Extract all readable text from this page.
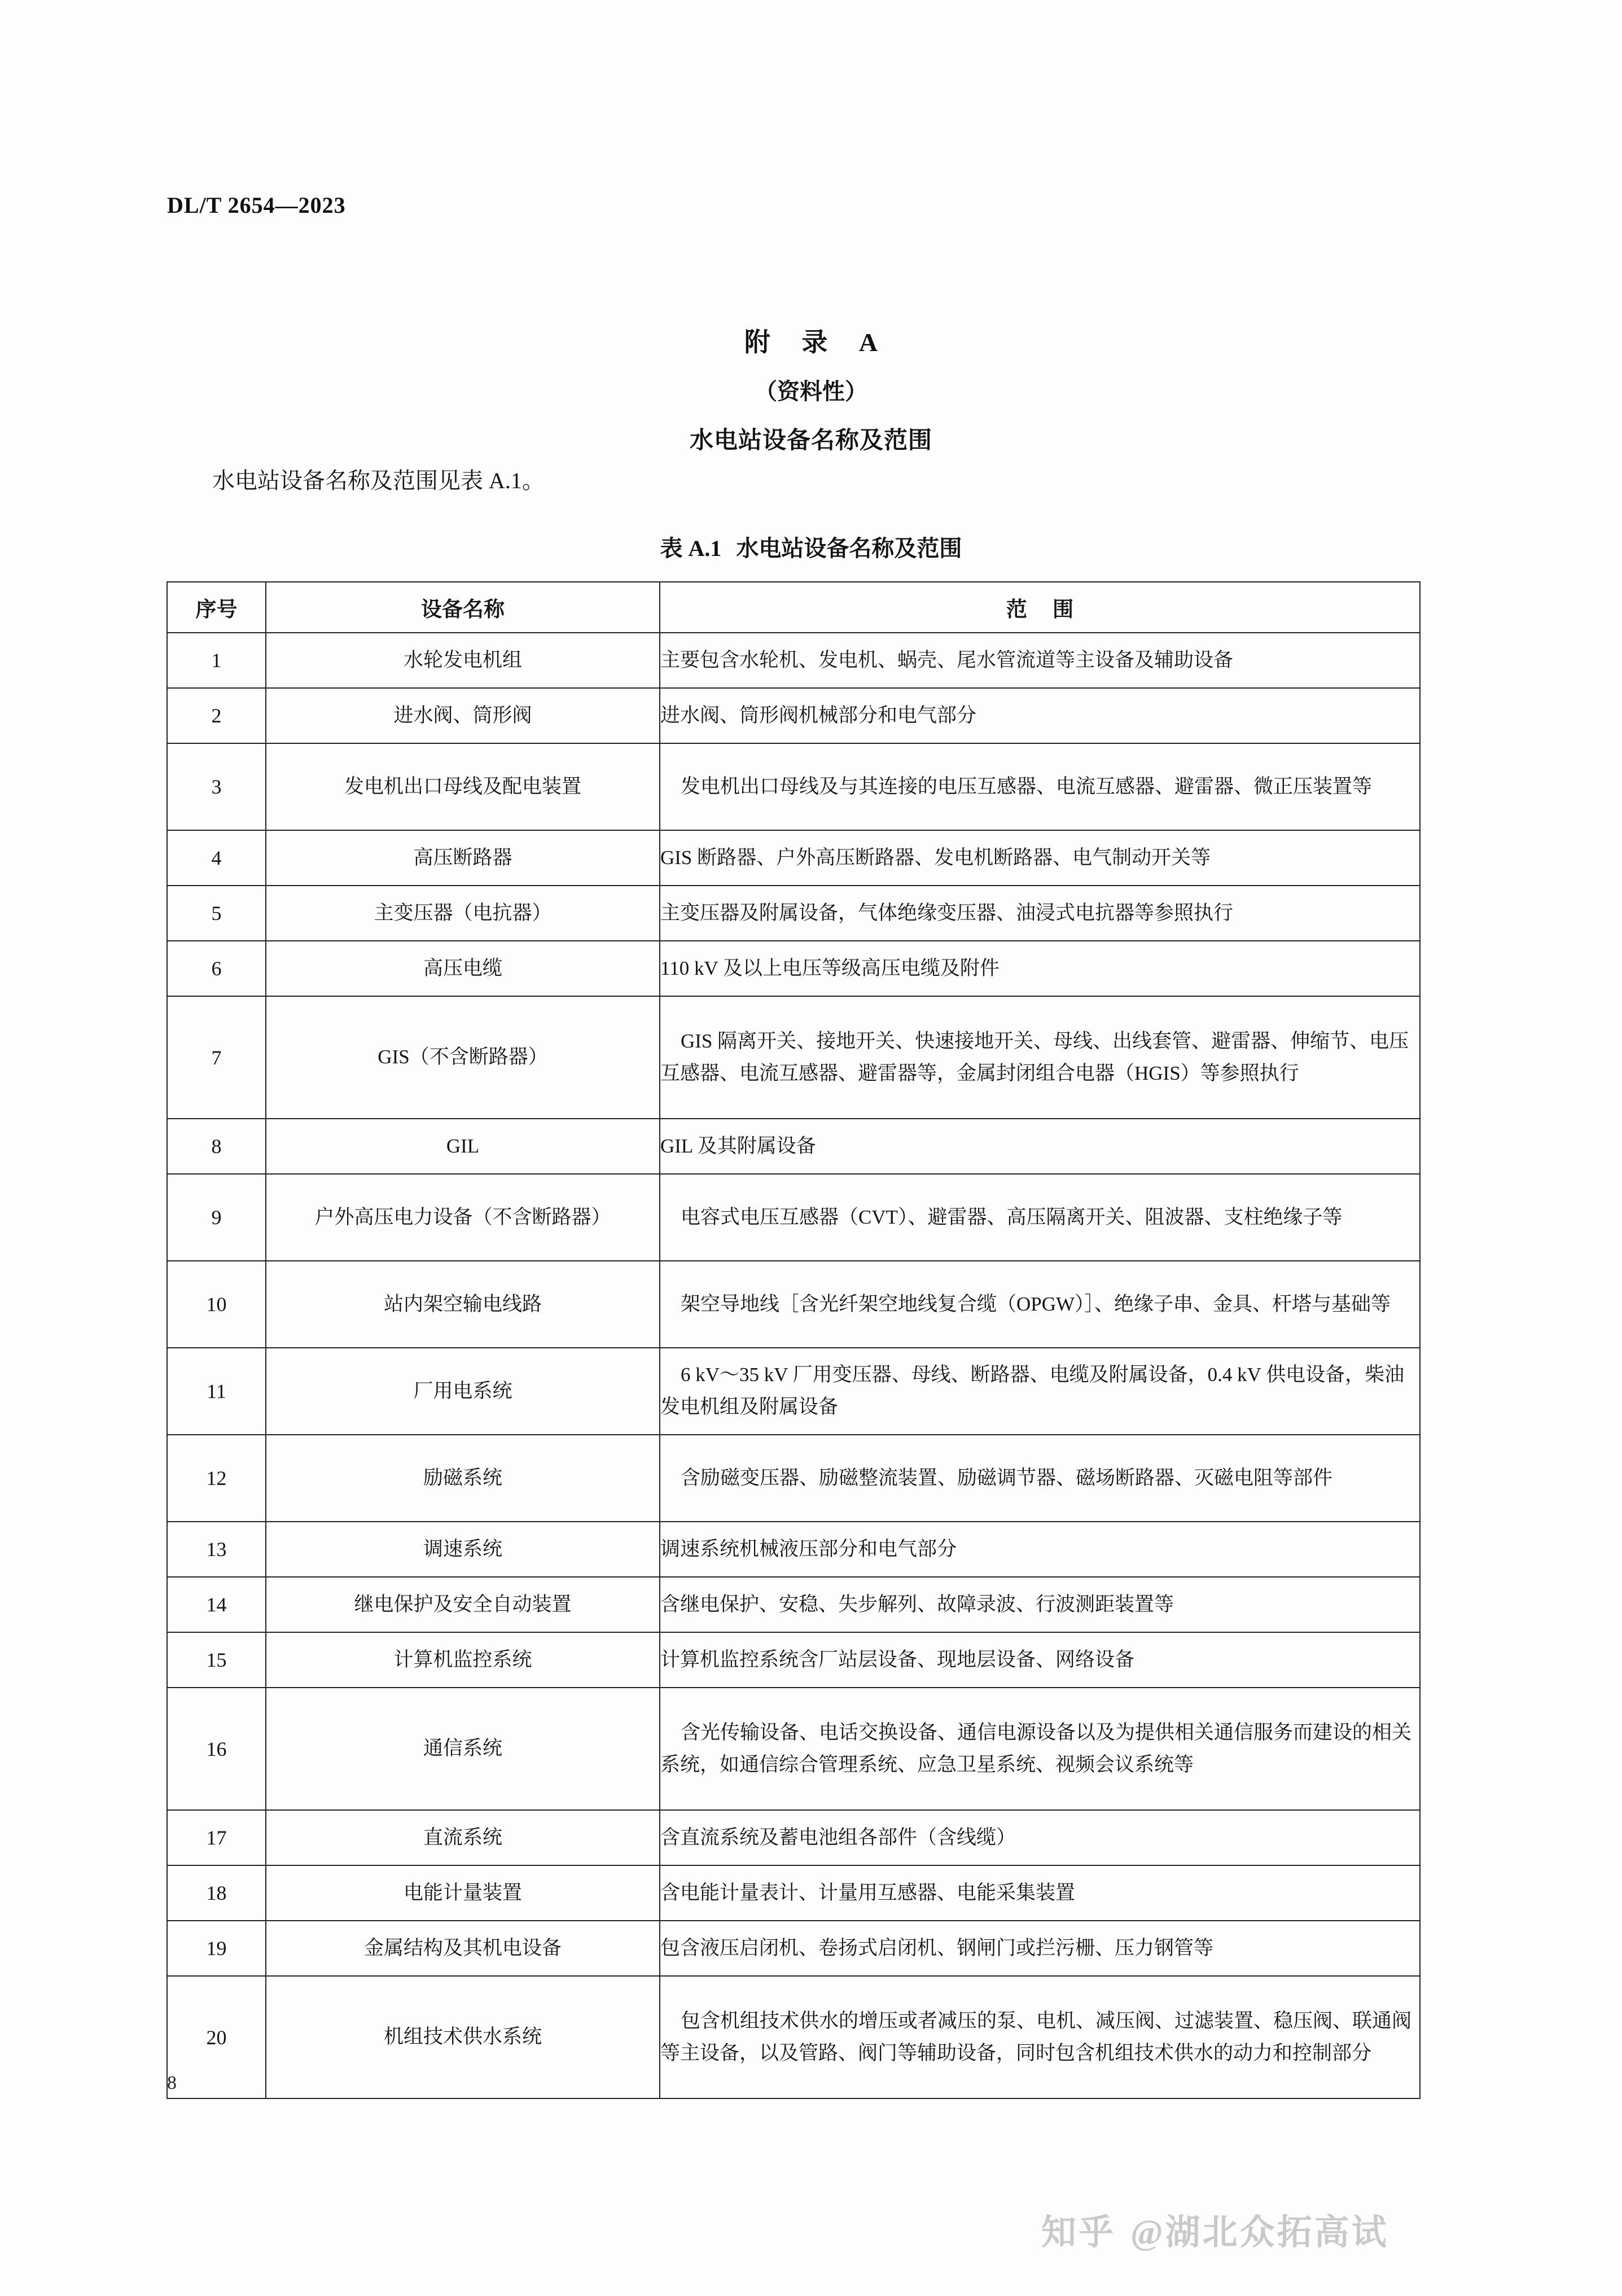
DL/T 2654—2023
附 录 A
（资料性）
水电站设备名称及范围
水电站设备名称及范围见表 A.1。
表 A.1 水电站设备名称及范围
序号	设备名称	范 围
1	水轮发电机组	主要包含水轮机、发电机、蜗壳、尾水管流道等主设备及辅助设备
2	进水阀、筒形阀	进水阀、筒形阀机械部分和电气部分
3	发电机出口母线及配电装置	发电机出口母线及与其连接的电压互感器、电流互感器、避雷器、微正压装置等
4	高压断路器	GIS 断路器、户外高压断路器、发电机断路器、电气制动开关等
5	主变压器（电抗器）	主变压器及附属设备，气体绝缘变压器、油浸式电抗器等参照执行
6	高压电缆	110 kV 及以上电压等级高压电缆及附件
7	GIS（不含断路器）	GIS 隔离开关、接地开关、快速接地开关、母线、出线套管、避雷器、伸缩节、电压互感器、电流互感器、避雷器等，金属封闭组合电器（HGIS）等参照执行
8	GIL	GIL 及其附属设备
9	户外高压电力设备（不含断路器）	电容式电压互感器（CVT）、避雷器、高压隔离开关、阻波器、支柱绝缘子等
10	站内架空输电线路	架空导地线［含光纤架空地线复合缆（OPGW）］、绝缘子串、金具、杆塔与基础等
11	厂用电系统	6 kV～35 kV 厂用变压器、母线、断路器、电缆及附属设备，0.4 kV 供电设备，柴油发电机组及附属设备
12	励磁系统	含励磁变压器、励磁整流装置、励磁调节器、磁场断路器、灭磁电阻等部件
13	调速系统	调速系统机械液压部分和电气部分
14	继电保护及安全自动装置	含继电保护、安稳、失步解列、故障录波、行波测距装置等
15	计算机监控系统	计算机监控系统含厂站层设备、现地层设备、网络设备
16	通信系统	含光传输设备、电话交换设备、通信电源设备以及为提供相关通信服务而建设的相关系统，如通信综合管理系统、应急卫星系统、视频会议系统等
17	直流系统	含直流系统及蓄电池组各部件（含线缆）
18	电能计量装置	含电能计量表计、计量用互感器、电能采集装置
19	金属结构及其机电设备	包含液压启闭机、卷扬式启闭机、钢闸门或拦污栅、压力钢管等
20	机组技术供水系统	包含机组技术供水的增压或者减压的泵、电机、减压阀、过滤装置、稳压阀、联通阀等主设备，以及管路、阀门等辅助设备，同时包含机组技术供水的动力和控制部分
8
知乎 @湖北众拓高试
